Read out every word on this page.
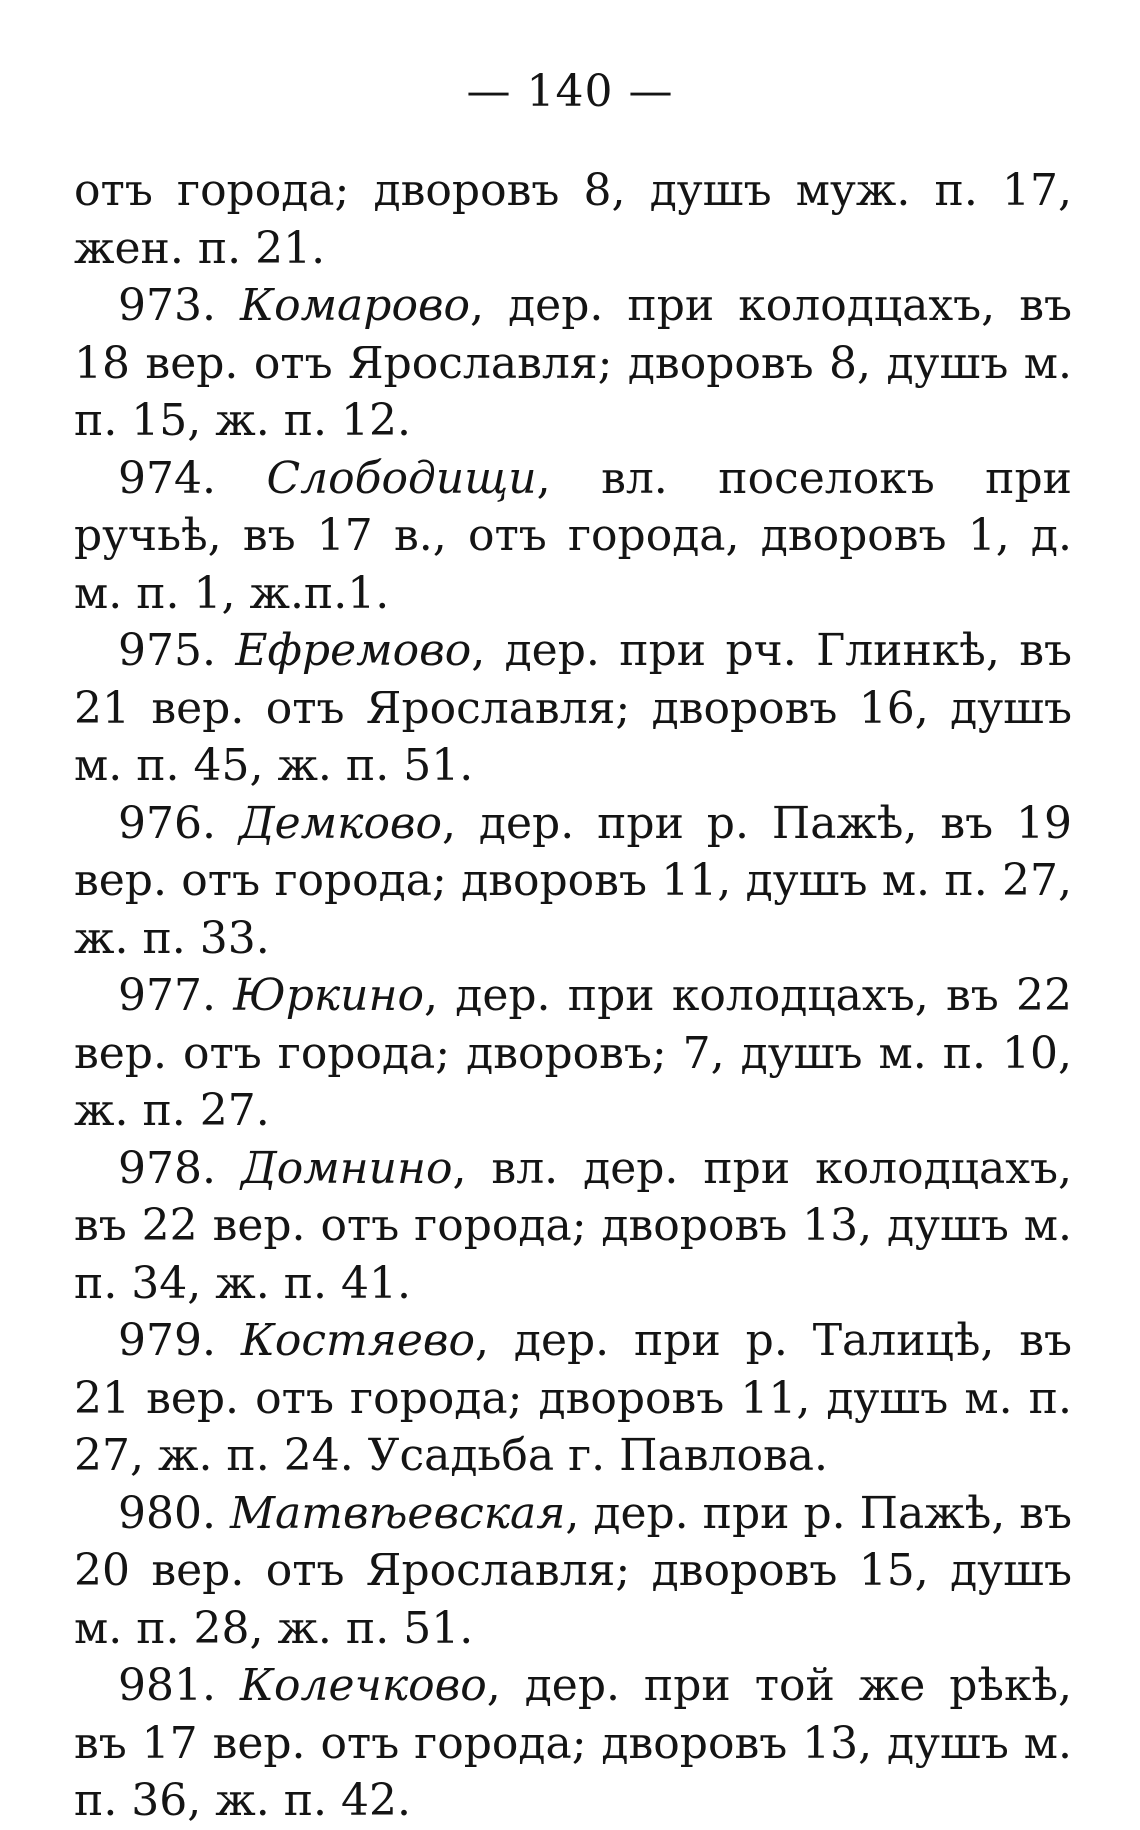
— 140 —

отъ города; дворовъ 8, душъ муж. п. 17, жен. п. 21.

973. Комарово, дер. при колодцахъ, въ 18 вер. отъ Ярославля; дворовъ 8, душъ м. п. 15, ж. п. 12.

974. Слободищи, вл. поселокъ при ручьѣ, въ 17 в., отъ города, дворовъ 1, д. м. п. 1, ж.п.1.

975. Ефремово, дер. при рч. Глинкѣ, въ 21 вер. отъ Ярославля; дворовъ 16, душъ м. п. 45, ж. п. 51.

976. Демково, дер. при р. Пажѣ, въ 19 вер. отъ города; дворовъ 11, душъ м. п. 27, ж. п. 33.

977. Юркино, дер. при колодцахъ, въ 22 вер. отъ города; дворовъ; 7, душъ м. п. 10, ж. п. 27.

978. Домнино, вл. дер. при колодцахъ, въ 22 вер. отъ города; дворовъ 13, душъ м. п. 34, ж. п. 41.

979. Костяево, дер. при р. Талицѣ, въ 21 вер. отъ города; дворовъ 11, душъ м. п. 27, ж. п. 24. Усадьба г. Павлова.

980. Матвѣевская, дер. при р. Пажѣ, въ 20 вер. отъ Ярославля; дворовъ 15, душъ м. п. 28, ж. п. 51.

981. Колечково, дер. при той же рѣкѣ, въ 17 вер. отъ города; дворовъ 13, душъ м. п. 36, ж. п. 42.
